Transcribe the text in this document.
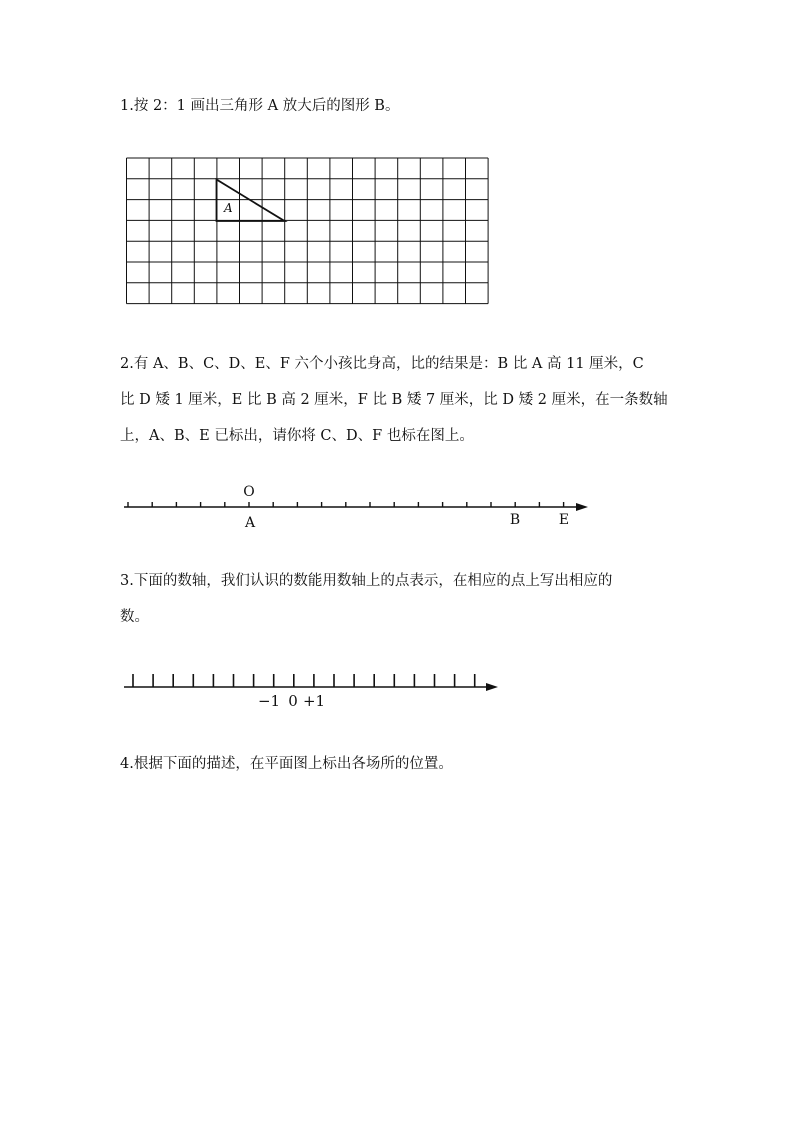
1.按 2：1 画出三角形 A 放大后的图形 B。
A
2.有 A、B、C、D、E、F 六个小孩比身高，比的结果是：B 比 A 高 11 厘米，C
比 D 矮 1 厘米，E 比 B 高 2 厘米，F 比 B 矮 7 厘米，比 D 矮 2 厘米，在一条数轴
上，A、B、E 已标出，请你将 C、D、F 也标在图上。
O
A	B	E
3.下面的数轴，我们认识的数能用数轴上的点表示，在相应的点上写出相应的
数。
−1 0 +1
4.根据下面的描述，在平面图上标出各场所的位置。
